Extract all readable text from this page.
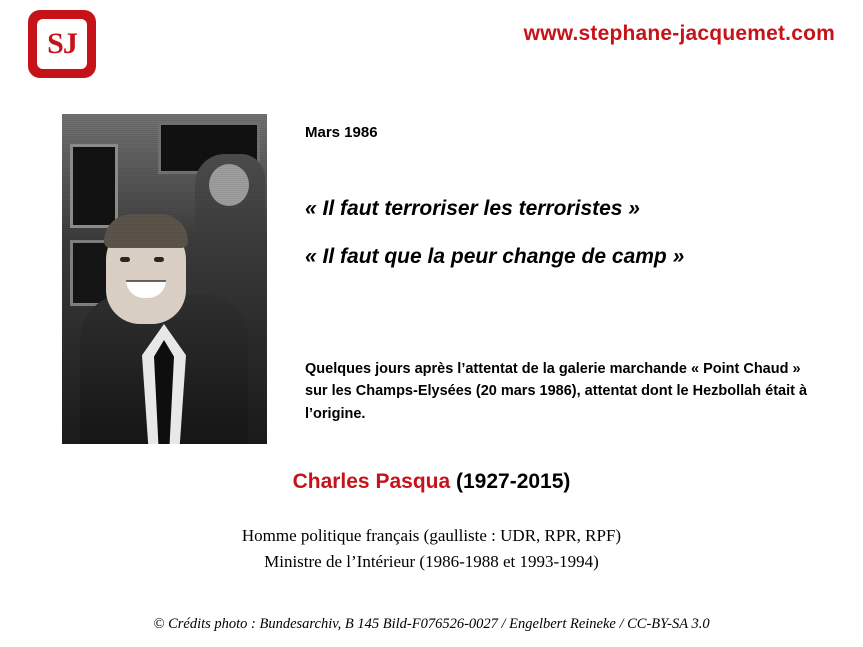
SJ	www.stephane-jacquemet.com
Mars 1986
« Il faut terroriser les terroristes »
« Il faut que la peur change de camp »
Quelques jours après l’attentat de la galerie marchande « Point Chaud » sur les Champs-Elysées (20 mars 1986), attentat dont le Hezbollah était à l’origine.
Charles Pasqua (1927-2015)
Homme politique français (gaulliste : UDR, RPR, RPF)
Ministre de l’Intérieur (1986-1988 et 1993-1994)
© Crédits photo : Bundesarchiv, B 145 Bild-F076526-0027 / Engelbert Reineke / CC-BY-SA 3.0
